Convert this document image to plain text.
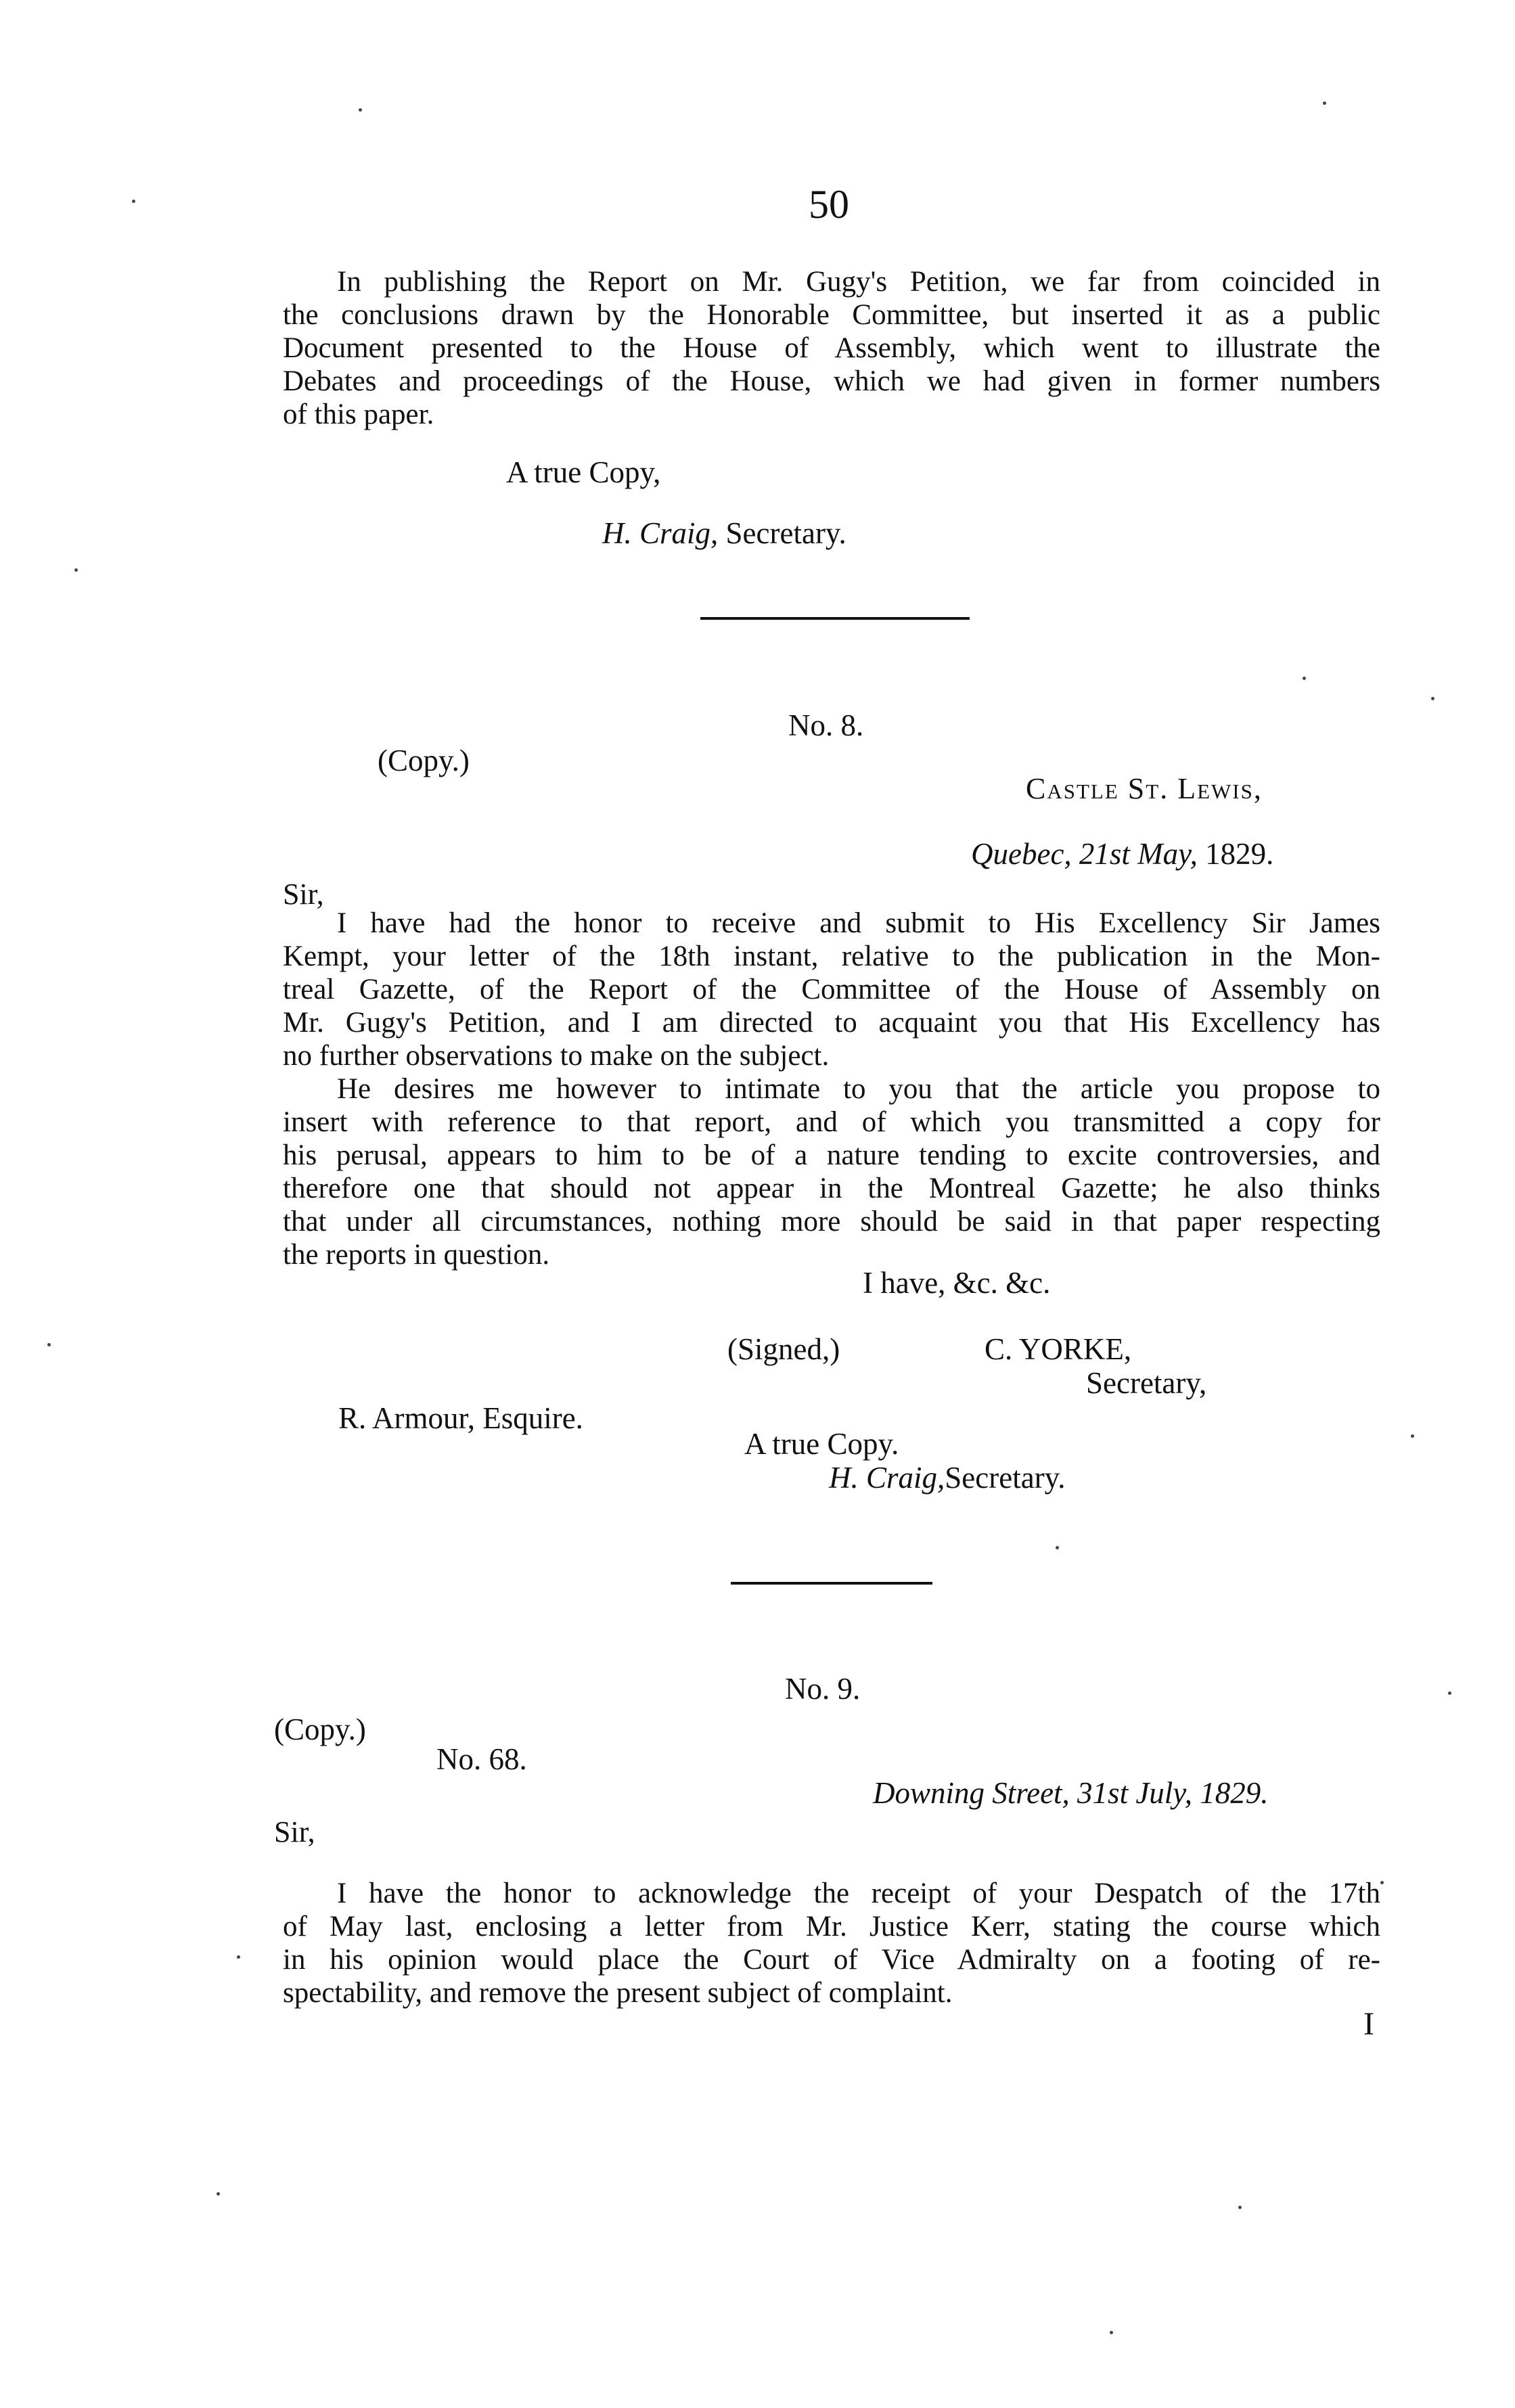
50
In publishing the Report on Mr. Gugy's Petition, we far from coincided in
the conclusions drawn by the Honorable Committee, but inserted it as a public
Document presented to the House of Assembly, which went to illustrate the
Debates and proceedings of the House, which we had given in former numbers
of this paper.
A true Copy,
H. Craig, Secretary.
No. 8.
(Copy.)
Castle St. Lewis,
Quebec, 21st May, 1829.
Sir,
I have had the honor to receive and submit to His Excellency Sir James
Kempt, your letter of the 18th instant, relative to the publication in the Mon-
treal Gazette, of the Report of the Committee of the House of Assembly on
Mr. Gugy's Petition, and I am directed to acquaint you that His Excellency has
no further observations to make on the subject.
He desires me however to intimate to you that the article you propose to
insert with reference to that report, and of which you transmitted a copy for
his perusal, appears to him to be of a nature tending to excite controversies, and
therefore one that should not appear in the Montreal Gazette; he also thinks
that under all circumstances, nothing more should be said in that paper respecting
the reports in question.
I have, &c. &c.
(Signed,)	C. YORKE,
Secretary,
R. Armour, Esquire.
A true Copy.
H. Craig,Secretary.
No. 9.
(Copy.)
No. 68.
Downing Street, 31st July, 1829.
Sir,
I have the honor to acknowledge the receipt of your Despatch of the 17th
of May last, enclosing a letter from Mr. Justice Kerr, stating the course which
in his opinion would place the Court of Vice Admiralty on a footing of re-
spectability, and remove the present subject of complaint.
I
